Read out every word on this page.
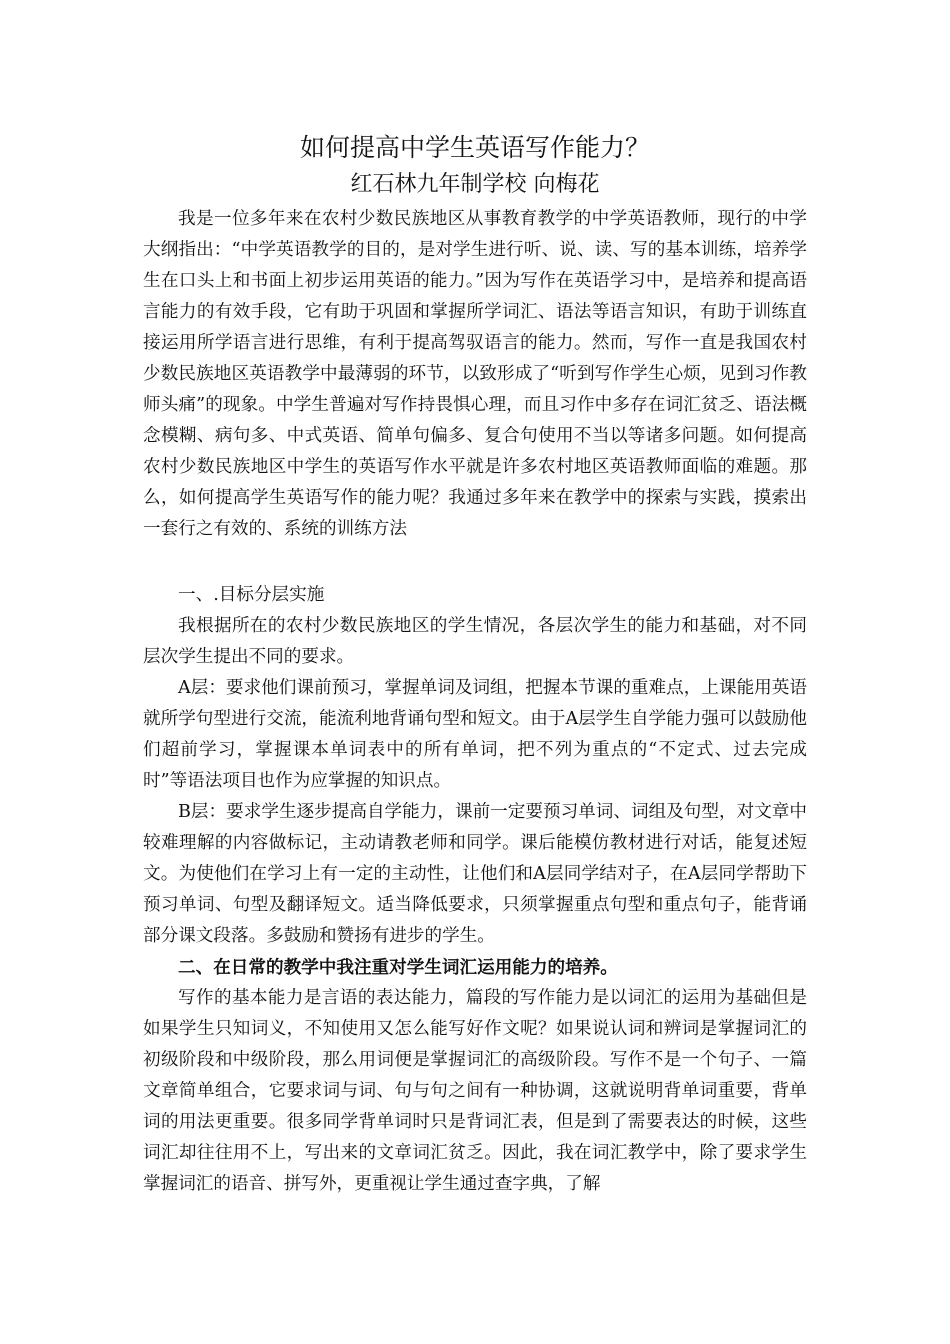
如何提高中学生英语写作能力？
红石林九年制学校 向梅花

我是一位多年来在农村少数民族地区从事教育教学的中学英语教师，现行的中学大纲指出：“中学英语教学的目的，是对学生进行听、说、读、写的基本训练，培养学生在口头上和书面上初步运用英语的能力。”因为写作在英语学习中，是培养和提高语言能力的有效手段，它有助于巩固和掌握所学词汇、语法等语言知识，有助于训练直接运用所学语言进行思维，有利于提高驾驭语言的能力。然而，写作一直是我国农村少数民族地区英语教学中最薄弱的环节，以致形成了“听到写作学生心烦，见到习作教师头痛”的现象。中学生普遍对写作持畏惧心理，而且习作中多存在词汇贫乏、语法概念模糊、病句多、中式英语、简单句偏多、复合句使用不当以等诸多问题。如何提高农村少数民族地区中学生的英语写作水平就是许多农村地区英语教师面临的难题。那么，如何提高学生英语写作的能力呢？我通过多年来在教学中的探索与实践，摸索出一套行之有效的、系统的训练方法

一、.目标分层实施

我根据所在的农村少数民族地区的学生情况，各层次学生的能力和基础，对不同层次学生提出不同的要求。

A层：要求他们课前预习，掌握单词及词组，把握本节课的重难点，上课能用英语就所学句型进行交流，能流利地背诵句型和短文。由于A层学生自学能力强可以鼓励他们超前学习，掌握课本单词表中的所有单词，把不列为重点的“不定式、过去完成时”等语法项目也作为应掌握的知识点。

B层：要求学生逐步提高自学能力，课前一定要预习单词、词组及句型，对文章中较难理解的内容做标记，主动请教老师和同学。课后能模仿教材进行对话，能复述短文。为使他们在学习上有一定的主动性，让他们和A层同学结对子，在A层同学帮助下预习单词、句型及翻译短文。适当降低要求，只须掌握重点句型和重点句子，能背诵部分课文段落。多鼓励和赞扬有进步的学生。

二、在日常的教学中我注重对学生词汇运用能力的培养。

写作的基本能力是言语的表达能力，篇段的写作能力是以词汇的运用为基础但是如果学生只知词义，不知使用又怎么能写好作文呢？如果说认词和辨词是掌握词汇的初级阶段和中级阶段，那么用词便是掌握词汇的高级阶段。写作不是一个句子、一篇文章简单组合，它要求词与词、句与句之间有一种协调，这就说明背单词重要，背单词的用法更重要。很多同学背单词时只是背词汇表，但是到了需要表达的时候，这些词汇却往往用不上，写出来的文章词汇贫乏。因此，我在词汇教学中，除了要求学生掌握词汇的语音、拼写外，更重视让学生通过查字典，了解
